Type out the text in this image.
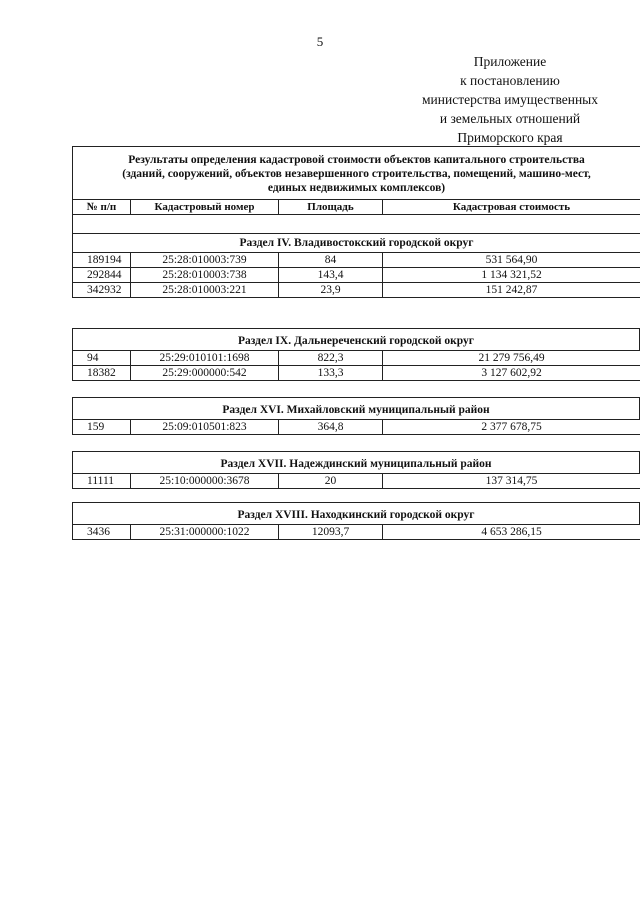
5
Приложение
к постановлению
министерства имущественных
и земельных отношений
Приморского края
Результаты определения кадастровой стоимости объектов капитального строительства
(зданий, сооружений, объектов незавершенного строительства, помещений, машино-мест,
единых недвижимых комплексов)			

№ п/п	Кадастровый номер	Площадь	Кадастровая стоимость

Раздел IV. Владивостокский городской округ			
189194	25:28:010003:739	84	531 564,90
292844	25:28:010003:738	143,4	1 134 321,52
342932	25:28:010003:221	23,9	151 242,87
Раздел IX. Дальнереченский городской округ
94	25:29:010101:1698	822,3	21 279 756,49
18382	25:29:000000:542	133,3	3 127 602,92
Раздел XVI. Михайловский муниципальный район
159	25:09:010501:823	364,8	2 377 678,75
Раздел XVII. Надеждинский муниципальный район
11111	25:10:000000:3678	20	137 314,75
Раздел XVIII. Находкинский городской округ
3436	25:31:000000:1022	12093,7	4 653 286,15
